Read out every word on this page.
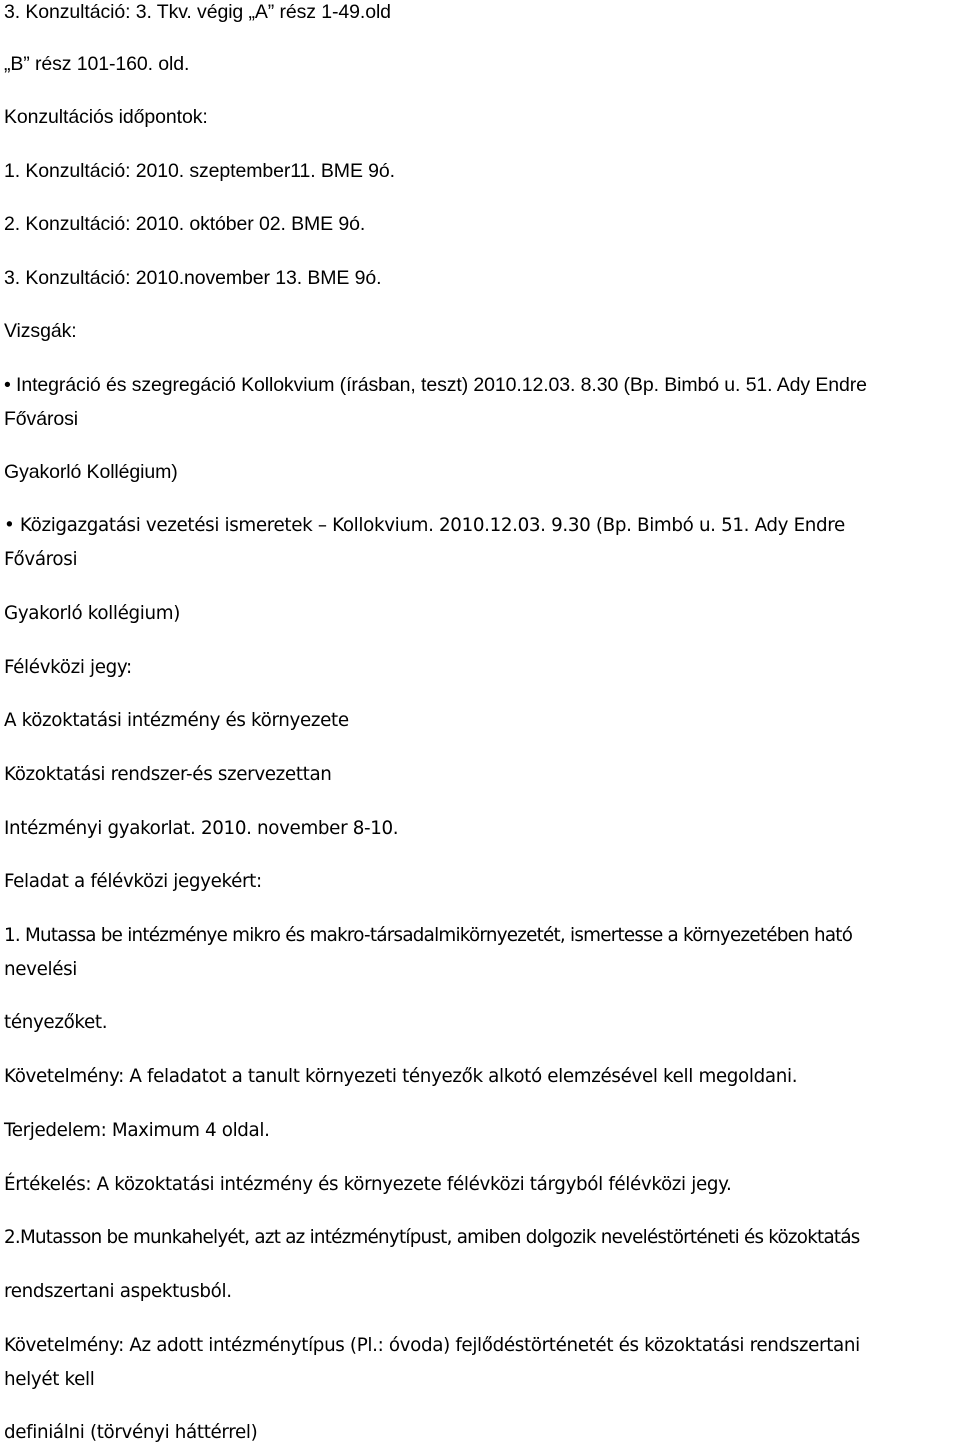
3. Konzultáció: 3. Tkv. végig „A” rész 1-49.old
„B” rész 101-160. old.
Konzultációs időpontok:
1. Konzultáció: 2010. szeptember11. BME 9ó.
2. Konzultáció: 2010. október 02. BME 9ó.
3. Konzultáció: 2010.november 13. BME 9ó.
Vizsgák:
• Integráció és szegregáció Kollokvium (írásban, teszt) 2010.12.03. 8.30 (Bp. Bimbó u. 51. Ady Endre
Fővárosi
Gyakorló Kollégium)
• Közigazgatási vezetési ismeretek – Kollokvium. 2010.12.03. 9.30 (Bp. Bimbó u. 51. Ady Endre
Fővárosi
Gyakorló kollégium)
Félévközi jegy:
A közoktatási intézmény és környezete
Közoktatási rendszer-és szervezettan
Intézményi gyakorlat. 2010. november 8-10.
Feladat a félévközi jegyekért:
1. Mutassa be intézménye mikro és makro-társadalmikörnyezetét, ismertesse a környezetében ható
nevelési
tényezőket.
Követelmény: A feladatot a tanult környezeti tényezők alkotó elemzésével kell megoldani.
Terjedelem: Maximum 4 oldal.
Értékelés: A közoktatási intézmény és környezete félévközi tárgyból félévközi jegy.
2.Mutasson be munkahelyét, azt az intézménytípust, amiben dolgozik neveléstörténeti és közoktatás
rendszertani aspektusból.
Követelmény: Az adott intézménytípus (Pl.: óvoda) fejlődéstörténetét és közoktatási rendszertani
helyét kell
definiálni (törvényi háttérrel)
